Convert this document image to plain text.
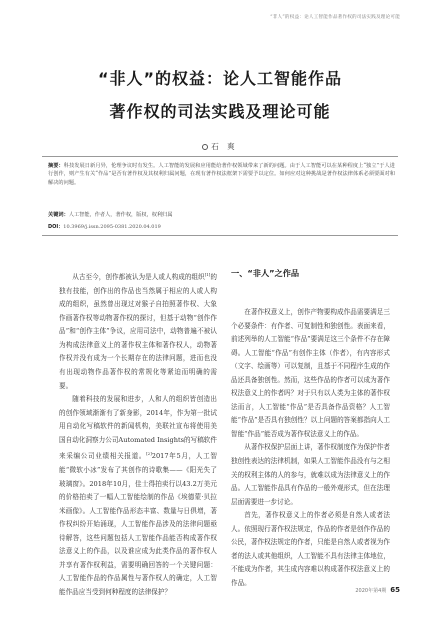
“非人”的权益：论人工智能作品著作权的司法实践及理论可能
“非人”的权益：论人工智能作品
著作权的司法实践及理论可能
石 爽
摘要：科技发展日新月异，伦理争议时有发生。人工智能的发展和应用能给著作权领域带来了新的问题。由于人工智能可以在某种程度上“独立”于人进行创作，则产生有关“作品”是否有著作权及其权利归属问题，在现有著作权法框架下需要予以定位。如何应对这种挑战是著作权法律体系必须要面对和解决的问题。
关键词：人工智能，作者人，著作权，版权，权利归属
DOI：10.3969/j.issn.2095-0381.2020.04.019

从古至今，创作都被认为是人或人构成的组织[1]的独有技能，创作出的作品也当然属于相应的人或人构成的组织，虽然曾出现过对猴子自拍照著作权、大象作画著作权等动物著作权的探讨，但基于动物“创作作品”和“创作主体”争议，应用司法中，动物普遍不被认为构成法律意义上的著作权主体和著作权人，动物著作权并没有成为一个长期存在的法律问题，进而也没有出现动物作品著作权的常规化等紧迫而明确的需要。

随着科技的发展和进步，人和人的组织皆创造出的创作领域渐渐有了新身影，2014年，作为第一批试用自动化写稿软件的新闻机构，美联社宣布将使用美国自动化洞察力公司Automated Insights的写稿软件来采编公司业绩相关报道。[2]2017年5月，人工智能“微软小冰”发布了其创作的诗歌集——《阳光失了玻璃窗》。2018年10月，佳士得拍卖行以43.2万美元的价格拍卖了一幅人工智能绘制的作品《埃德蒙·贝拉米画像》。人工智能作品形态丰富、数量与日俱增，著作权纠纷开始涌现，人工智能作品涉及的法律问题亟待解答，这些问题包括人工智能作品能否构成著作权法意义上的作品，以及谁应成为此类作品的著作权人并享有著作权利益，需要明确回答的一个关键问题：人工智能作品的作品属性与著作权人的确定，人工智能作品应当受到何种程度的法律保护？

一、“非人”之作品

在著作权意义上，创作产物要构成作品需要满足三个必要条件：有作者、可复制性和独创性。表面来看，前述列举的人工智能“作品”要满足这三个条件不存在障碍。人工智能“作品”有创作主体（作者），有内容形式（文字、绘画等）可以复制，且基于不同程序生成的作品还具备独创性。然而，这些作品的作者可以成为著作权法意义上的作者吗？对于只有以人类为主体的著作权法而言，人工智能“作品”是否具备作品资格？人工智能“作品”是否具有独创性？以上问题的答案都指向人工智能“作品”能否成为著作权法意义上的作品。

从著作权保护层面上讲，著作权制度作为保护作者独创性表达的法律机制，如果人工智能作品没有与之相关的权利主体的人的参与，就难以成为法律意义上的作品。人工智能作品具有作品的一般外观形式，但在法理层面需要进一步讨论。

首先，著作权意义上的作者必须是自然人或者法人。依照现行著作权法规定，作品的作者是创作作品的公民，著作权法规定的作者，只能是自然人或者视为作者的法人或其他组织，人工智能不具有法律主体地位，不能成为作者，其生成内容难以构成著作权法意义上的作品。

2020年第4期 65
